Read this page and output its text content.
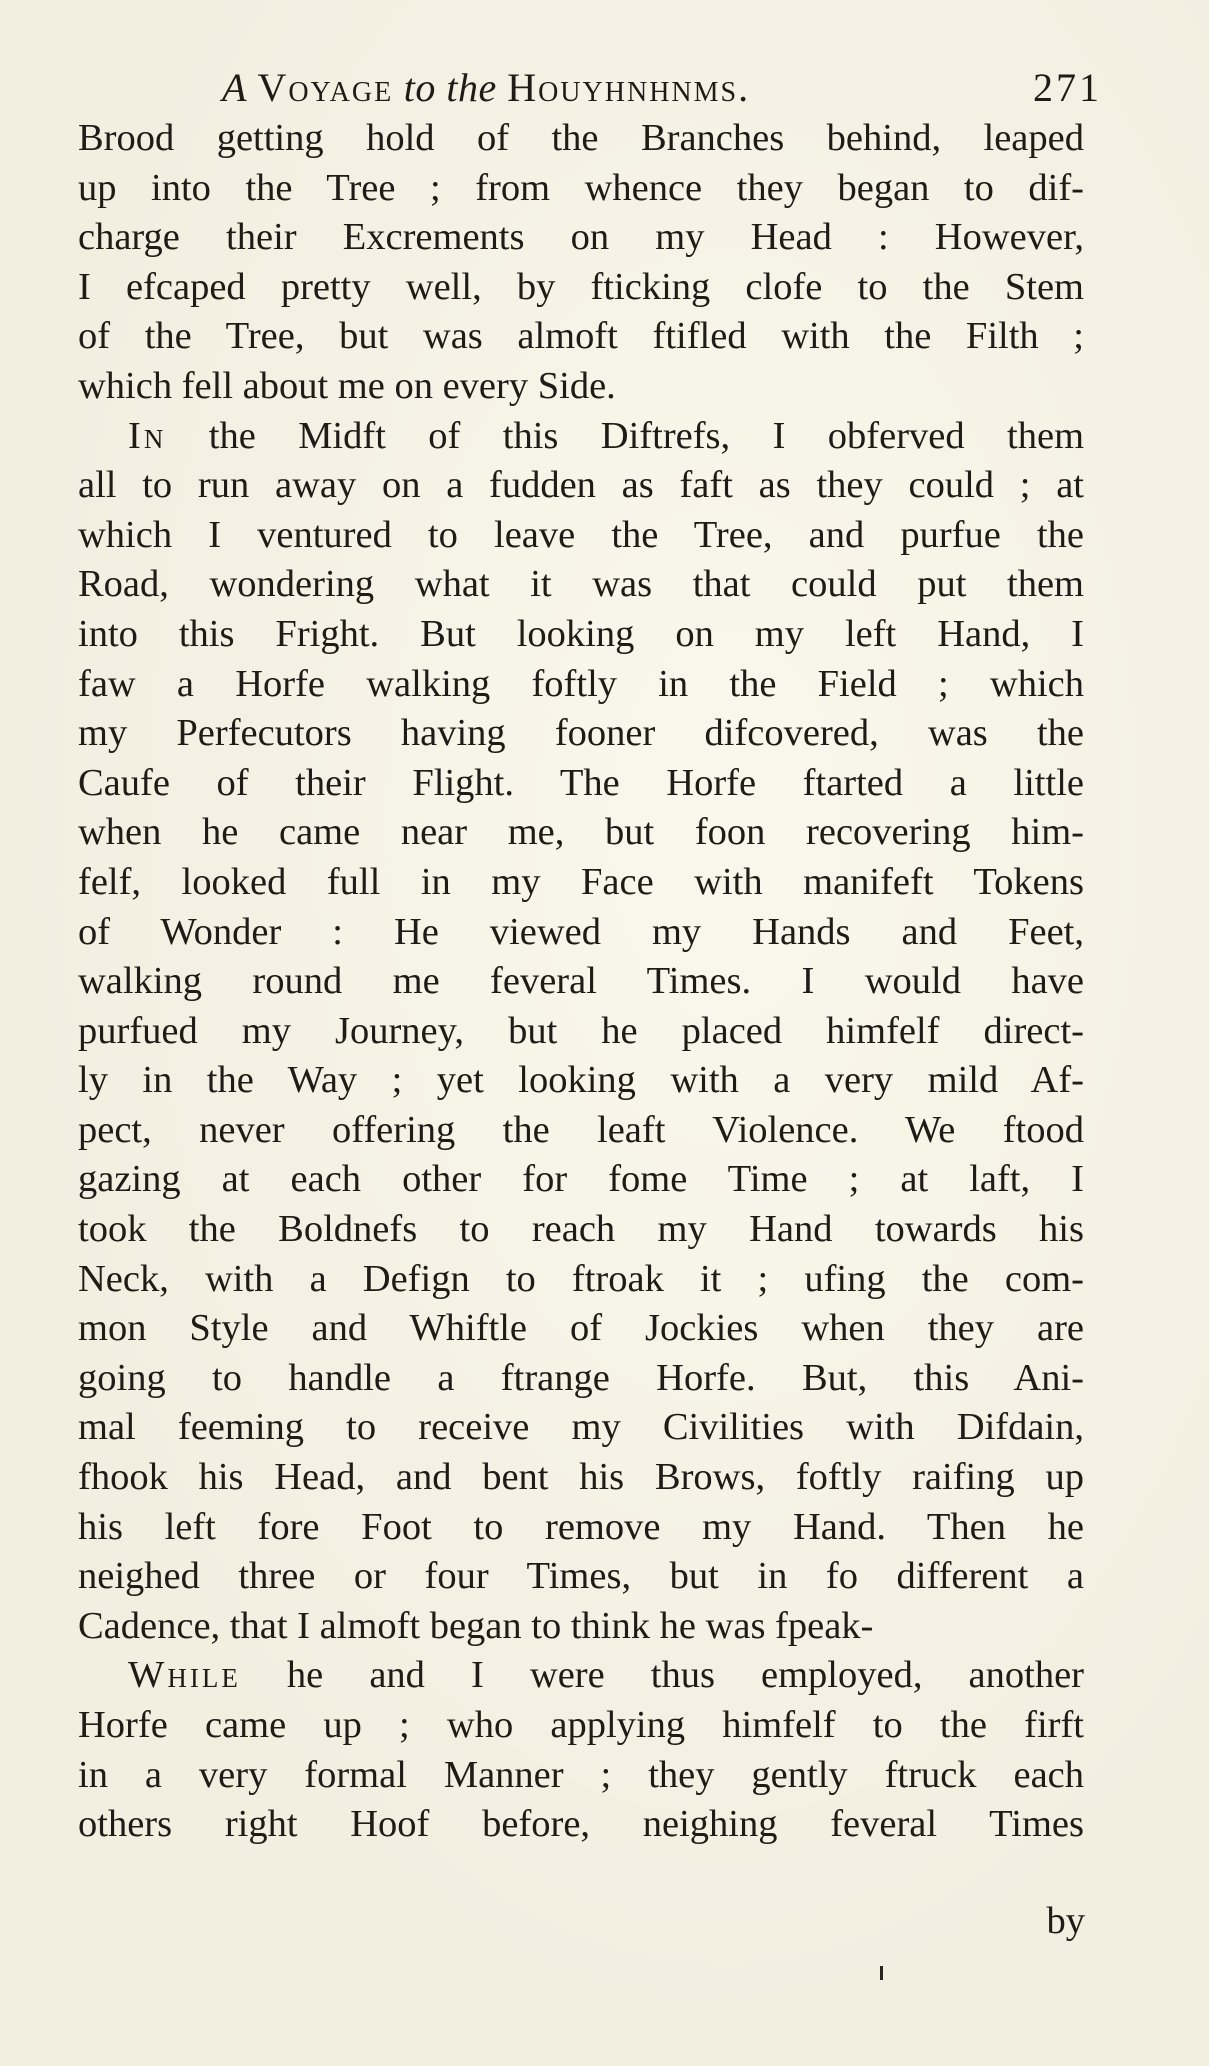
A Voyage to the Houyhnhnms.	271
Brood getting hold of the Branches behind, leaped
up into the Tree ; from whence they began to dif-
charge their Excrements on my Head : However,
I efcaped pretty well, by fticking clofe to the Stem
of the Tree, but was almoft ftifled with the Filth ;
which fell about me on every Side.
In the Midft of this Diftrefs, I obferved them
all to run away on a fudden as faft as they could ; at
which I ventured to leave the Tree, and purfue the
Road, wondering what it was that could put them
into this Fright. But looking on my left Hand, I
faw a Horfe walking foftly in the Field ; which
my Perfecutors having fooner difcovered, was the
Caufe of their Flight. The Horfe ftarted a little
when he came near me, but foon recovering him-
felf, looked full in my Face with manifeft Tokens
of Wonder : He viewed my Hands and Feet,
walking round me feveral Times. I would have
purfued my Journey, but he placed himfelf direct-
ly in the Way ; yet looking with a very mild Af-
pect, never offering the leaft Violence. We ftood
gazing at each other for fome Time ; at laft, I
took the Boldnefs to reach my Hand towards his
Neck, with a Defign to ftroak it ; ufing the com-
mon Style and Whiftle of Jockies when they are
going to handle a ftrange Horfe. But, this Ani-
mal feeming to receive my Civilities with Difdain,
fhook his Head, and bent his Brows, foftly raifing up
his left fore Foot to remove my Hand. Then he
neighed three or four Times, but in fo different a
Cadence, that I almoft began to think he was fpeak-
While he and I were thus employed, another
Horfe came up ; who applying himfelf to the firft
in a very formal Manner ; they gently ftruck each
others right Hoof before, neighing feveral Times
by
